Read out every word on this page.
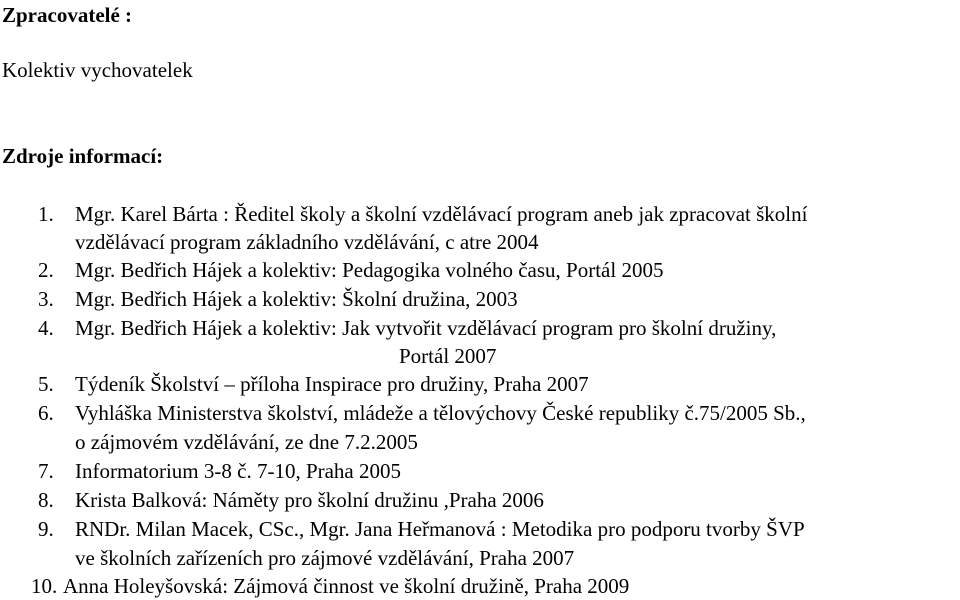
Zpracovatelé :
Kolektiv vychovatelek
Zdroje informací:
1. Mgr. Karel Bárta : Ředitel školy a školní vzdělávací program aneb jak zpracovat školní
vzdělávací program základního vzdělávání, c atre 2004
2. Mgr. Bedřich Hájek a kolektiv: Pedagogika volného času, Portál 2005
3. Mgr. Bedřich Hájek a kolektiv: Školní družina, 2003
4. Mgr. Bedřich Hájek a kolektiv: Jak vytvořit vzdělávací program pro školní družiny,
Portál 2007
5. Týdeník Školství – příloha Inspirace pro družiny, Praha 2007
6. Vyhláška Ministerstva školství, mládeže a tělovýchovy České republiky č.75/2005 Sb.,
o zájmovém vzdělávání, ze dne 7.2.2005
7. Informatorium 3-8 č. 7-10, Praha 2005
8. Krista Balková: Náměty pro školní družinu ,Praha 2006
9. RNDr. Milan Macek, CSc., Mgr. Jana Heřmanová : Metodika pro podporu tvorby ŠVP
ve školních zařízeních pro zájmové vzdělávání, Praha 2007
10. Anna Holeyšovská: Zájmová činnost ve školní družině, Praha 2009
